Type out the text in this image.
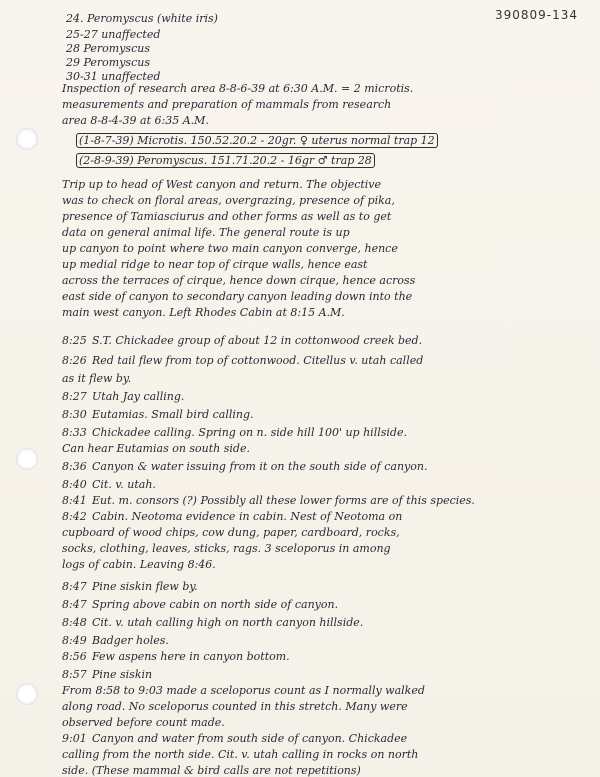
390809-134
24. Peromyscus (white iris)
25-27 unaffected
28 Peromyscus
29 Peromyscus
30-31 unaffected
Inspection of research area 8-8-6-39 at 6:30 A.M. = 2 microtis.
measurements and preparation of mammals from research
area 8-8-4-39 at 6:35 A.M.
(1-8-7-39) Microtis. 150.52.20.2 - 20gr. ♀ uterus normal trap 12
(2-8-9-39) Peromyscus. 151.71.20.2 - 16gr ♂ trap 28
Trip up to head of West canyon and return. The objective
was to check on floral areas, overgrazing, presence of pika,
presence of Tamiasciurus and other forms as well as to get
data on general animal life. The general route is up
up canyon to point where two main canyon converge, hence
up medial ridge to near top of cirque walls, hence east
across the terraces of cirque, hence down cirque, hence across
east side of canyon to secondary canyon leading down into the
main west canyon. Left Rhodes Cabin at 8:15 A.M.
8:25 S.T. Chickadee group of about 12 in cottonwood creek bed.
8:26 Red tail flew from top of cottonwood. Citellus v. utah called
as it flew by.
8:27 Utah Jay calling.
8:30 Eutamias. Small bird calling.
8:33 Chickadee calling. Spring on n. side hill 100' up hillside.
Can hear Eutamias on south side.
8:36 Canyon & water issuing from it on the south side of canyon.
8:40 Cit. v. utah.
8:41 Eut. m. consors (?) Possibly all these lower forms are of this species.
8:42 Cabin. Neotoma evidence in cabin. Nest of Neotoma on
cupboard of wood chips, cow dung, paper, cardboard, rocks,
socks, clothing, leaves, sticks, rags. 3 sceloporus in among
logs of cabin. Leaving 8:46.
8:47 Pine siskin flew by.
8:47 Spring above cabin on north side of canyon.
8:48 Cit. v. utah calling high on north canyon hillside.
8:49 Badger holes.
8:56 Few aspens here in canyon bottom.
8:57 Pine siskin
From 8:58 to 9:03 made a sceloporus count as I normally walked
along road. No sceloporus counted in this stretch. Many were
observed before count made.
9:01 Canyon and water from south side of canyon. Chickadee
calling from the north side. Cit. v. utah calling in rocks on north
side. (These mammal & bird calls are not repetitions)
